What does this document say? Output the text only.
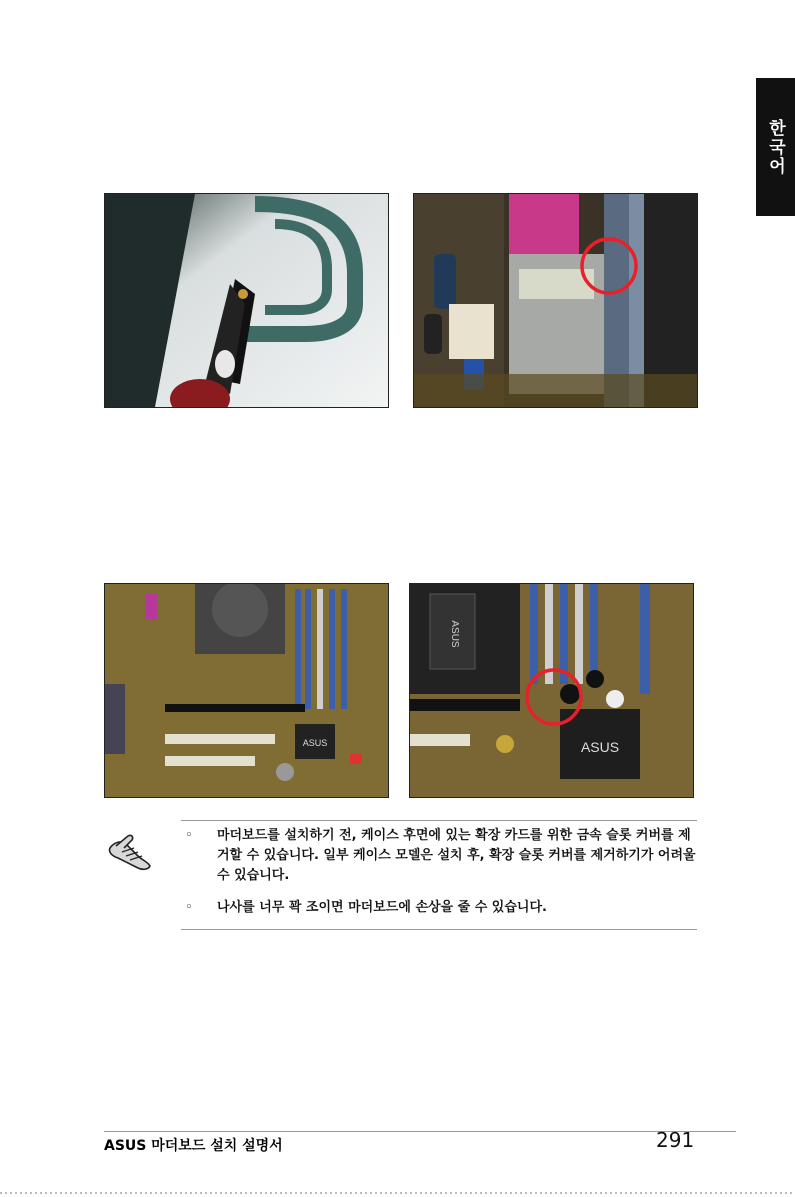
한국어
ASUS
ASUS
ASUS
◦ 마더보드를 설치하기 전, 케이스 후면에 있는 확장 카드를 위한 금속 슬롯 커버를 제거할 수 있습니다. 일부 케이스 모델은 설치 후, 확장 슬롯 커버를 제거하기가 어려울 수 있습니다.
◦ 나사를 너무 꽉 조이면 마더보드에 손상을 줄 수 있습니다.
ASUS 마더보드 설치 설명서	291
